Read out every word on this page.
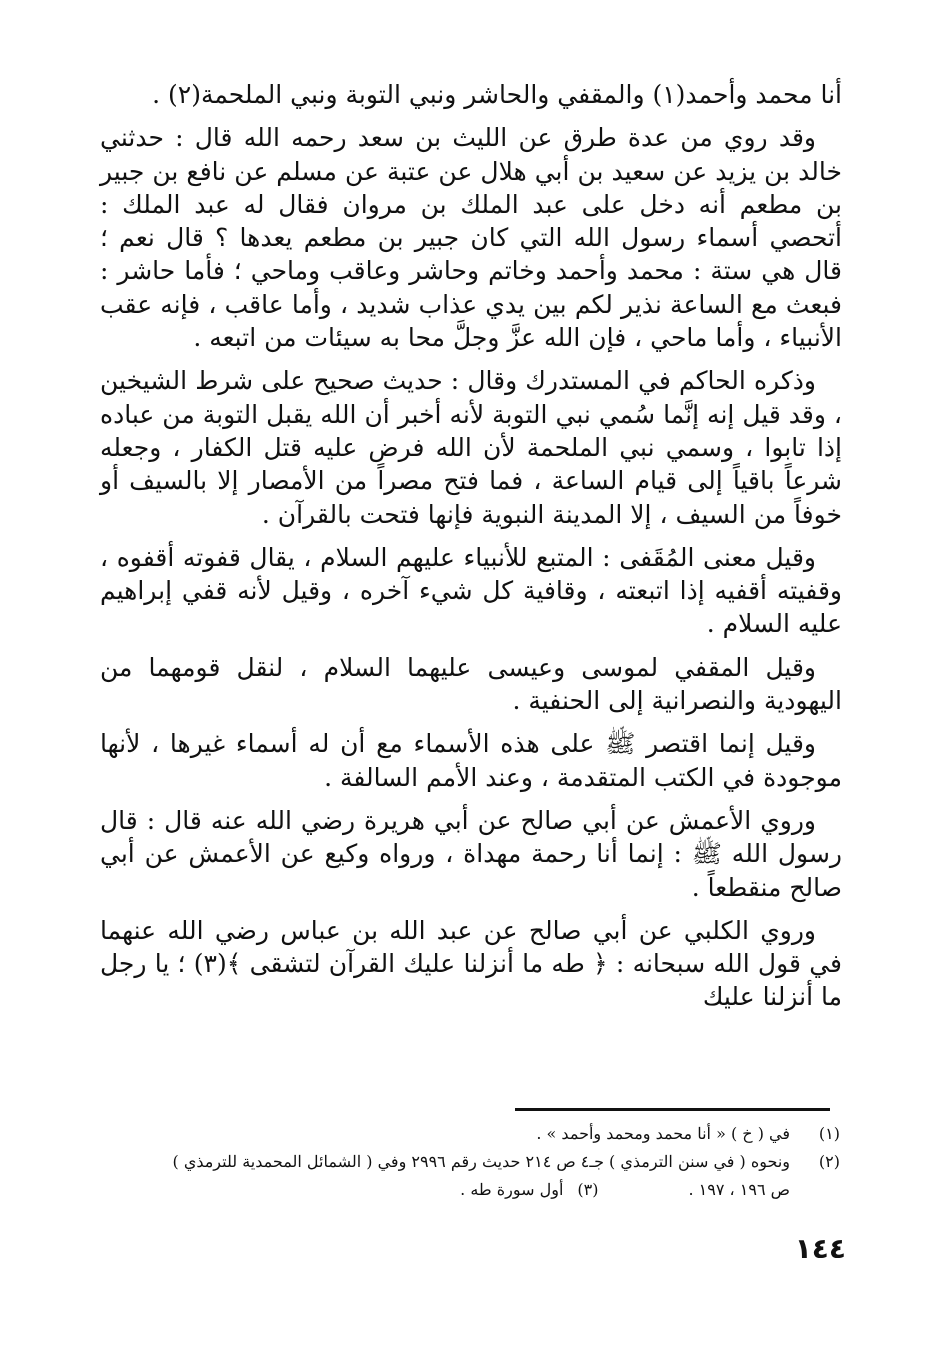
أنا محمد وأحمد(١) والمقفي والحاشر ونبي التوبة ونبي الملحمة(٢) .

وقد روي من عدة طرق عن الليث بن سعد رحمه الله قال : حدثني خالد بن يزيد عن سعيد بن أبي هلال عن عتبة عن مسلم عن نافع بن جبير بن مطعم أنه دخل على عبد الملك بن مروان فقال له عبد الملك : أتحصي أسماء رسول الله التي كان جبير بن مطعم يعدها ؟ قال نعم ؛ قال هي ستة : محمد وأحمد وخاتم وحاشر وعاقب وماحي ؛ فأما حاشر : فبعث مع الساعة نذير لكم بين يدي عذاب شديد ، وأما عاقب ، فإنه عقب الأنبياء ، وأما ماحي ، فإن الله عزَّ وجلَّ محا به سيئات من اتبعه .

وذكره الحاكم في المستدرك وقال : حديث صحيح على شرط الشيخين ، وقد قيل إنه إنَّما سُمي نبي التوبة لأنه أخبر أن الله يقبل التوبة من عباده إذا تابوا ، وسمي نبي الملحمة لأن الله فرض عليه قتل الكفار ، وجعله شرعاً باقياً إلى قيام الساعة ، فما فتح مصراً من الأمصار إلا بالسيف أو خوفاً من السيف ، إلا المدينة النبوية فإنها فتحت بالقرآن .

وقيل معنى المُقَفى : المتبع للأنبياء عليهم السلام ، يقال قفوته أقفوه ، وقفيته أقفيه إذا اتبعته ، وقافية كل شيء آخره ، وقيل لأنه قفي إبراهيم عليه السلام .

وقيل المقفي لموسى وعيسى عليهما السلام ، لنقل قومهما من اليهودية والنصرانية إلى الحنفية .

وقيل إنما اقتصر ﷺ على هذه الأسماء مع أن له أسماء غيرها ، لأنها موجودة في الكتب المتقدمة ، وعند الأمم السالفة .

وروي الأعمش عن أبي صالح عن أبي هريرة رضي الله عنه قال : قال رسول الله ﷺ : إنما أنا رحمة مهداة ، ورواه وكيع عن الأعمش عن أبي صالح منقطعاً .

وروي الكلبي عن أبي صالح عن عبد الله بن عباس رضي الله عنهما في قول الله سبحانه : ﴿ طه ما أنزلنا عليك القرآن لتشقى ﴾(٣) ؛ يا رجل ما أنزلنا عليك

(١)
في ( خ ) « أنا محمد ومحمد وأحمد » .
(٢)
ونحوه ( في سنن الترمذي ) جـ٤ ص ٢١٤ حديث رقم ٢٩٩٦ وفي ( الشمائل المحمدية للترمذي )
ص ١٩٦ ، ١٩٧ .
(٣)
أول سورة طه .
١٤٤
